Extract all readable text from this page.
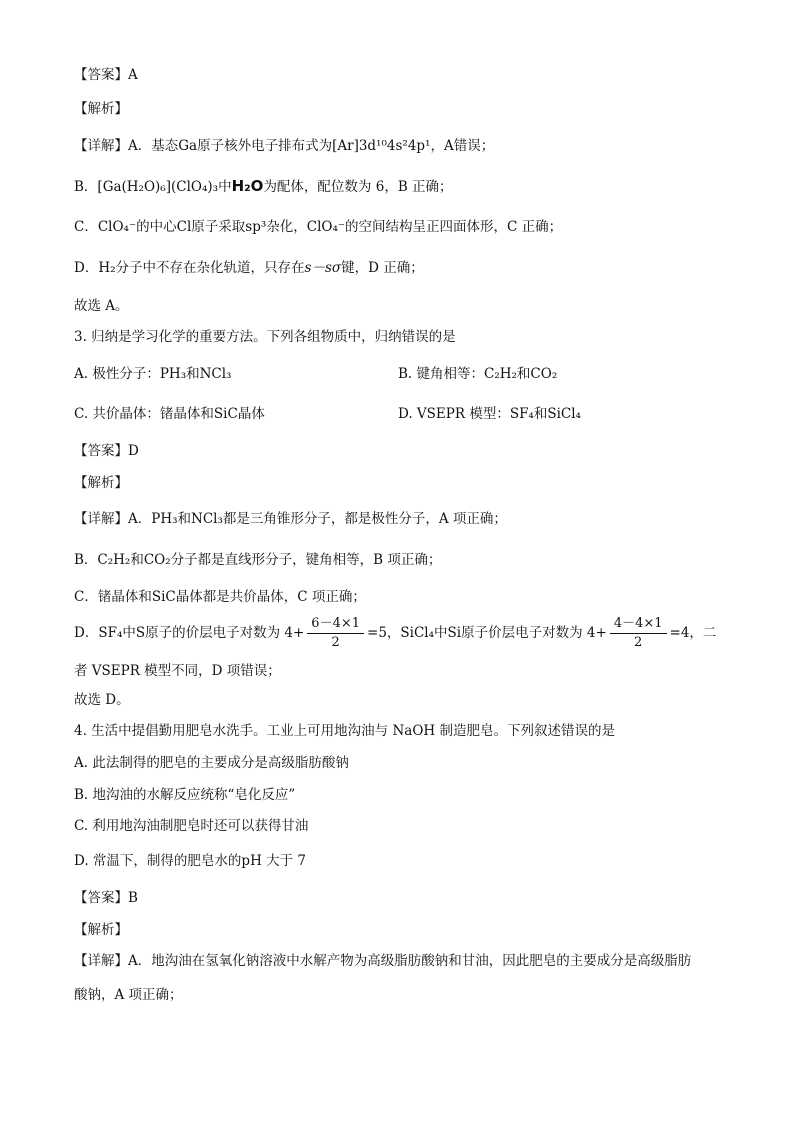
【答案】A
【解析】
【详解】A．基态Ga原子核外电子排布式为[Ar]3d¹⁰4s²4p¹，A错误；
B．[Ga(H₂O)₆](ClO₄)₃中H₂O为配体，配位数为 6，B 正确；
C．ClO₄⁻的中心Cl原子采取sp³杂化，ClO₄⁻的空间结构呈正四面体形，C 正确；
D．H₂分子中不存在杂化轨道，只存在s－sσ键，D 正确；
故选 A。
3. 归纳是学习化学的重要方法。下列各组物质中，归纳错误的是
A. 极性分子：PH₃和NCl₃	B. 键角相等：C₂H₂和CO₂
C. 共价晶体：锗晶体和SiC晶体	D. VSEPR 模型：SF₄和SiCl₄
【答案】D
【解析】
【详解】A．PH₃和NCl₃都是三角锥形分子，都是极性分子，A 项正确；
B．C₂H₂和CO₂分子都是直线形分子，键角相等，B 项正确；
C．锗晶体和SiC晶体都是共价晶体，C 项正确；
D．SF₄中S原子的价层电子对数为 $4+ \frac{6-4\times 1}{2} =5$，SiCl₄中Si原子价层电子对数为 $4+ \frac{4-4\times 1}{2} =4$，二
者 VSEPR 模型不同，D 项错误；
故选 D。
4. 生活中提倡勤用肥皂水洗手。工业上可用地沟油与 NaOH 制造肥皂。下列叙述错误的是
A. 此法制得的肥皂的主要成分是高级脂肪酸钠
B. 地沟油的水解反应统称“皂化反应”
C. 利用地沟油制肥皂时还可以获得甘油
D. 常温下，制得的肥皂水的pH 大于 7
【答案】B
【解析】
【详解】A．地沟油在氢氧化钠溶液中水解产物为高级脂肪酸钠和甘油，因此肥皂的主要成分是高级脂肪
酸钠，A 项正确；
